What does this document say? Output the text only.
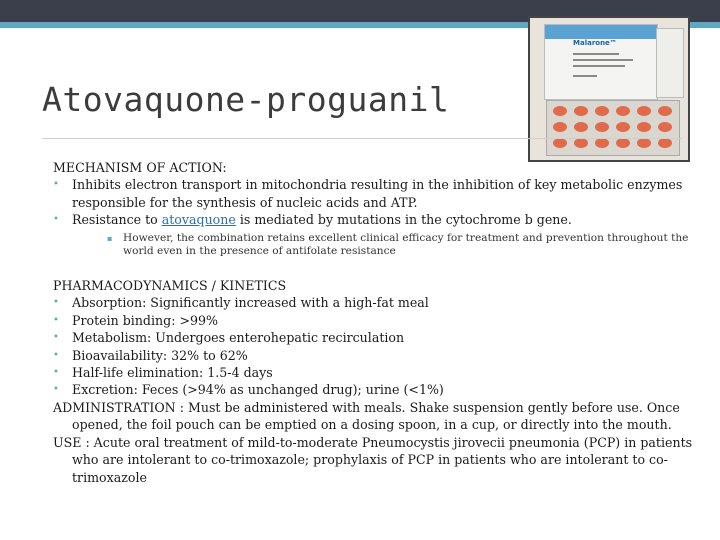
Malarone™
Atovaquone-proguanil

MECHANISM OF ACTION:

• Inhibits electron transport in mitochondria resulting in the inhibition of key metabolic enzymes responsible for the synthesis of nucleic acids and ATP.

• Resistance to atovaquone is mediated by mutations in the cytochrome b gene.

▪ However, the combination retains excellent clinical efficacy for treatment and prevention throughout the world even in the presence of antifolate resistance

PHARMACODYNAMICS / KINETICS

• Absorption: Significantly increased with a high-fat meal

• Protein binding: >99%

• Metabolism: Undergoes enterohepatic recirculation

• Bioavailability: 32% to 62%

• Half-life elimination: 1.5-4 days

• Excretion: Feces (>94% as unchanged drug); urine (<1%)

ADMINISTRATION : Must be administered with meals. Shake suspension gently before use. Once opened, the foil pouch can be emptied on a dosing spoon, in a cup, or directly into the mouth.

USE : Acute oral treatment of mild-to-moderate Pneumocystis jirovecii pneumonia (PCP) in patients who are intolerant to co-trimoxazole; prophylaxis of PCP in patients who are intolerant to co-trimoxazole
